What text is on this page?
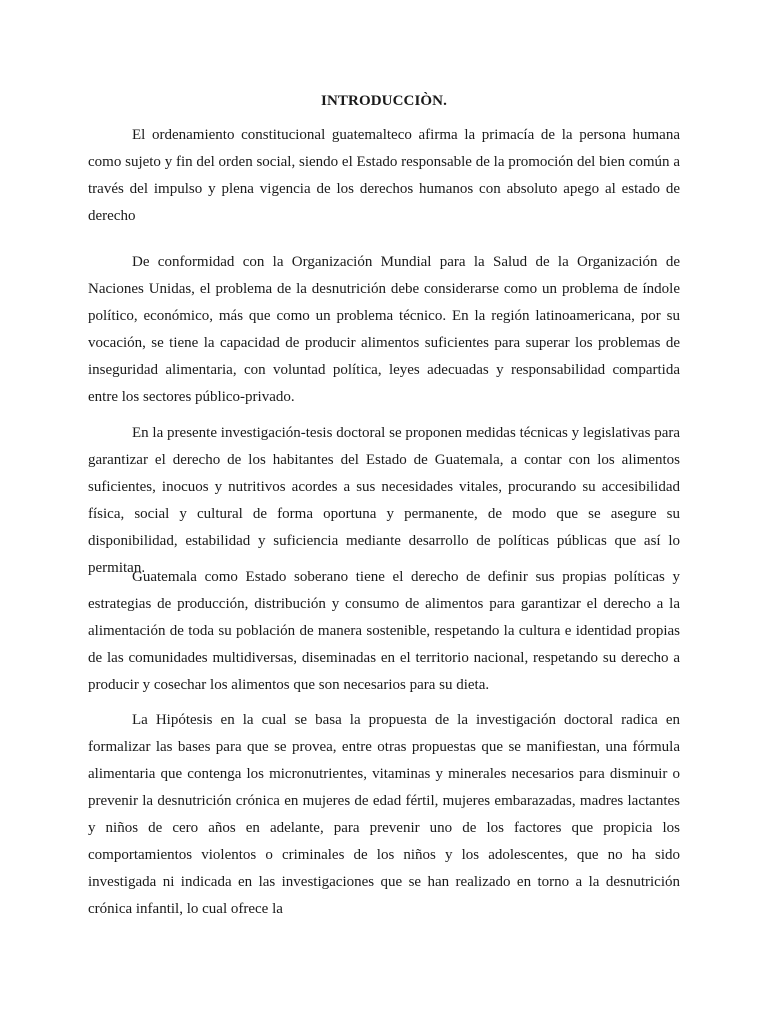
INTRODUCCIÒN.

El ordenamiento constitucional guatemalteco afirma la primacía de la persona humana como sujeto y fin del orden social, siendo el Estado responsable de la promoción del bien común a través del impulso y plena vigencia de los derechos humanos con absoluto apego al estado de derecho

De conformidad con la Organización Mundial para la Salud de la Organización de Naciones Unidas, el problema de la desnutrición debe considerarse como un problema de índole político, económico, más que como un problema técnico. En la región latinoamericana, por su vocación, se tiene la capacidad de producir alimentos suficientes para superar los problemas de inseguridad alimentaria, con voluntad política, leyes adecuadas y responsabilidad compartida entre los sectores público-privado.

En la presente investigación-tesis doctoral se proponen medidas técnicas y legislativas para garantizar el derecho de los habitantes del Estado de Guatemala, a contar con los alimentos suficientes, inocuos y nutritivos acordes a sus necesidades vitales, procurando su accesibilidad física, social y cultural de forma oportuna y permanente, de modo que se asegure su disponibilidad, estabilidad y suficiencia mediante desarrollo de políticas públicas que así lo permitan.

Guatemala como Estado soberano tiene el derecho de definir sus propias políticas y estrategias de producción, distribución y consumo de alimentos para garantizar el derecho a la alimentación de toda su población de manera sostenible, respetando la cultura e identidad propias de las comunidades multidiversas, diseminadas en el territorio nacional, respetando su derecho a producir y cosechar los alimentos que son necesarios para su dieta.

La Hipótesis en la cual se basa la propuesta de la investigación doctoral radica en formalizar las bases para que se provea, entre otras propuestas que se manifiestan, una fórmula alimentaria que contenga los micronutrientes, vitaminas y minerales necesarios para disminuir o prevenir la desnutrición crónica en mujeres de edad fértil, mujeres embarazadas, madres lactantes y niños de cero años en adelante, para prevenir uno de los factores que propicia los comportamientos violentos o criminales de los niños y los adolescentes, que no ha sido investigada ni indicada en las investigaciones que se han realizado en torno a la desnutrición crónica infantil, lo cual ofrece la
